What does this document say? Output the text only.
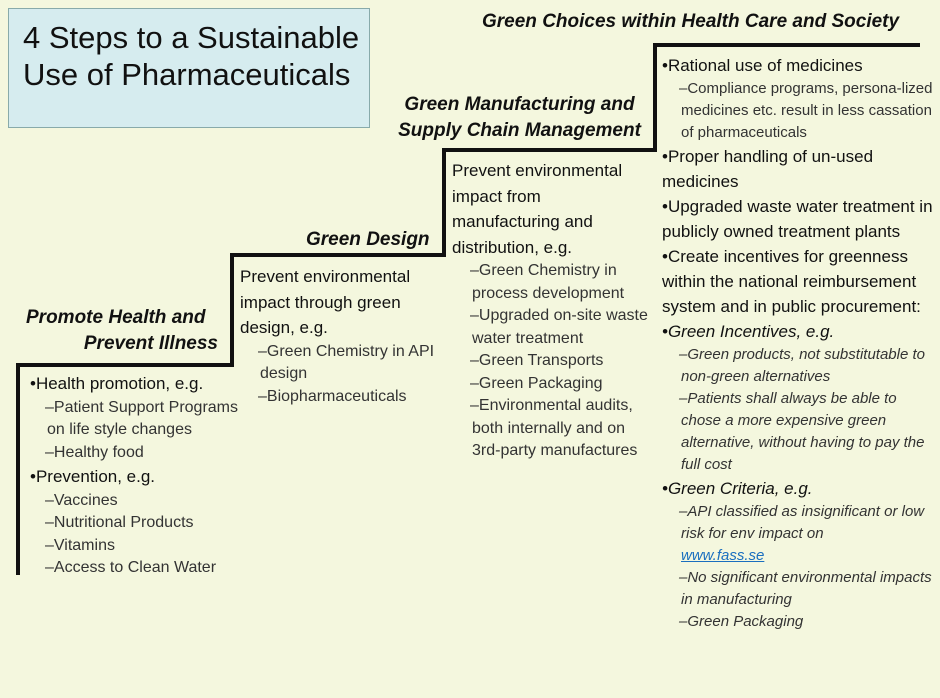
4 Steps to a Sustainable
Use of Pharmaceuticals
Promote Health and
Prevent Illness
Green Design
Green Manufacturing and
Supply Chain Management
Green Choices within Health Care and Society

•Health promotion, e.g.

–Patient Support Programs on life style changes

–Healthy food

•Prevention, e.g.

–Vaccines

–Nutritional Products

–Vitamins

–Access to Clean Water

Prevent environmental impact through green design, e.g.

–Green Chemistry in API design

–Biopharmaceuticals

Prevent environmental impact from manufacturing and distribution, e.g.

–Green Chemistry in process development

–Upgraded on-site waste water treatment

–Green Transports

–Green Packaging

–Environmental audits, both internally and on 3rd-party manufactures

•Rational use of medicines

–Compliance programs, persona-lized medicines etc. result in less cassation of pharmaceuticals

•Proper handling of un-used medicines

•Upgraded waste water treatment in publicly owned treatment plants

•Create incentives for greenness within the national reimbursement system and in public procurement:

•Green Incentives, e.g.

–Green products, not substitutable to non-green alternatives

–Patients shall always be able to chose a more expensive green alternative, without having to pay the full cost

•Green Criteria, e.g.

–API classified as insignificant or low risk for env impact on

www.fass.se

–No significant environmental impacts in manufacturing

–Green Packaging
